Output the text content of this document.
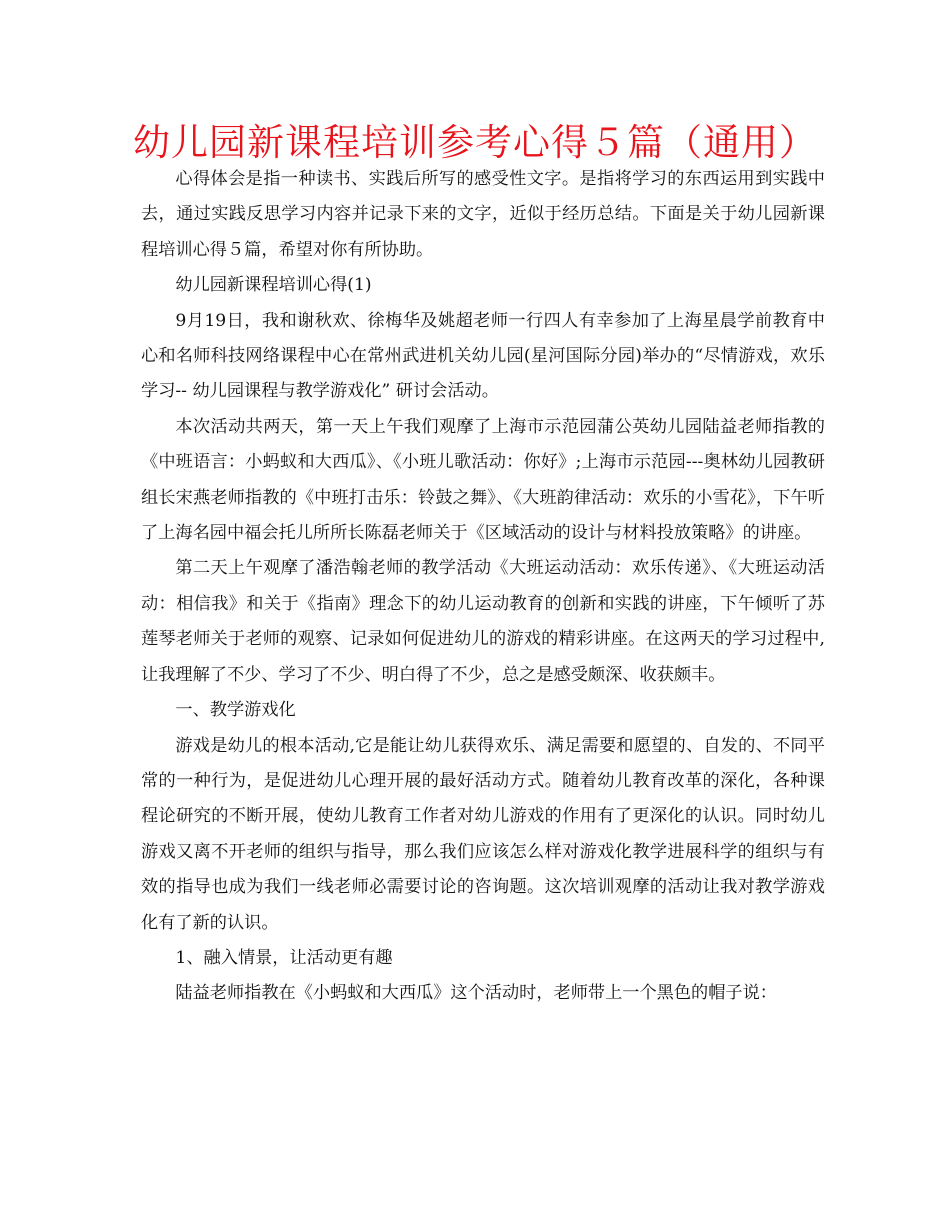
幼儿园新课程培训参考心得５篇（通用）

心得体会是指一种读书、实践后所写的感受性文字。是指将学习的东西运用到实践中去，通过实践反思学习内容并记录下来的文字，近似于经历总结。下面是关于幼儿园新课程培训心得５篇，希望对你有所协助。

幼儿园新课程培训心得(1)

9月19日，我和谢秋欢、徐梅华及姚超老师一行四人有幸参加了上海星晨学前教育中心和名师科技网络课程中心在常州武进机关幼儿园(星河国际分园)举办的“尽情游戏，欢乐学习-- 幼儿园课程与教学游戏化” 研讨会活动。

本次活动共两天，第一天上午我们观摩了上海市示范园蒲公英幼儿园陆益老师指教的《中班语言：小蚂蚁和大西瓜》、《小班儿歌活动：你好》;上海市示范园---奥林幼儿园教研组长宋燕老师指教的《中班打击乐：铃鼓之舞》、《大班韵律活动：欢乐的小雪花》，下午听了上海名园中福会托儿所所长陈磊老师关于《区域活动的设计与材料投放策略》的讲座。

第二天上午观摩了潘浩翰老师的教学活动《大班运动活动：欢乐传递》、《大班运动活动：相信我》和关于《指南》理念下的幼儿运动教育的创新和实践的讲座，下午倾听了苏莲琴老师关于老师的观察、记录如何促进幼儿的游戏的精彩讲座。在这两天的学习过程中,让我理解了不少、学习了不少、明白得了不少，总之是感受颇深、收获颇丰。

一、教学游戏化

游戏是幼儿的根本活动,它是能让幼儿获得欢乐、满足需要和愿望的、自发的、不同平常的一种行为，是促进幼儿心理开展的最好活动方式。随着幼儿教育改革的深化，各种课程论研究的不断开展，使幼儿教育工作者对幼儿游戏的作用有了更深化的认识。同时幼儿游戏又离不开老师的组织与指导，那么我们应该怎么样对游戏化教学进展科学的组织与有效的指导也成为我们一线老师必需要讨论的咨询题。这次培训观摩的活动让我对教学游戏化有了新的认识。

1、融入情景，让活动更有趣

陆益老师指教在《小蚂蚁和大西瓜》这个活动时，老师带上一个黑色的帽子说：
